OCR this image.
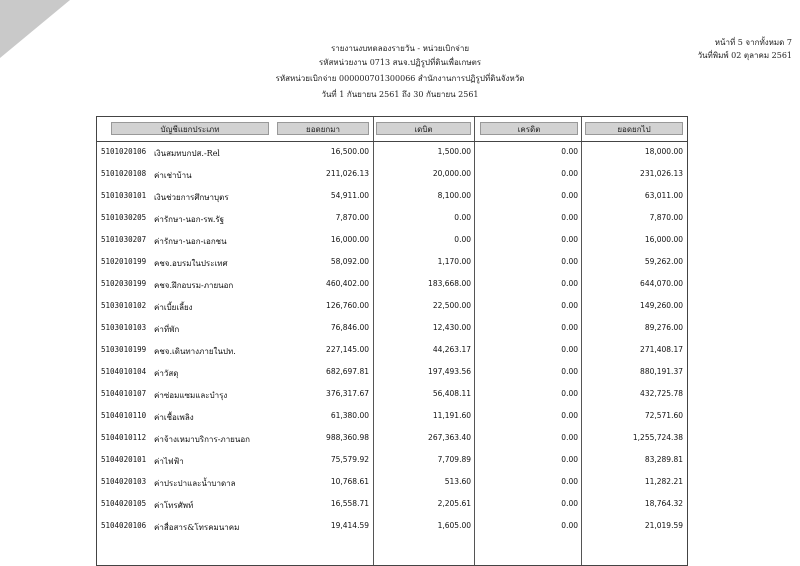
รายงานงบทดลองรายวัน - หน่วยเบิกจ่าย
รหัสหน่วยงาน 0713 สนจ.ปฏิรูปที่ดินเพื่อเกษตร
รหัสหน่วยเบิกจ่าย 000000701300066 สำนักงานการปฏิรูปที่ดินจังหวัด
วันที่ 1 กันยายน 2561 ถึง 30 กันยายน 2561
หน้าที่ 5 จากทั้งหมด 7
วันที่พิมพ์ 02 ตุลาคม 2561
บัญชีแยกประเภท	ยอดยกมา	เดบิต	เครดิต	ยอดยกไป
5101020106 เงินสมทบกปส.-Rel	16,500.00	1,500.00	0.00	18,000.00
5101020108 ค่าเช่าบ้าน	211,026.13	20,000.00	0.00	231,026.13
5101030101 เงินช่วยการศึกษาบุตร	54,911.00	8,100.00	0.00	63,011.00
5101030205 ค่ารักษา-นอก-รพ.รัฐ	7,870.00	0.00	0.00	7,870.00
5101030207 ค่ารักษา-นอก-เอกชน	16,000.00	0.00	0.00	16,000.00
5102010199 คชจ.อบรมในประเทศ	58,092.00	1,170.00	0.00	59,262.00
5102030199 คชจ.ฝึกอบรม-ภายนอก	460,402.00	183,668.00	0.00	644,070.00
5103010102 ค่าเบี้ยเลี้ยง	126,760.00	22,500.00	0.00	149,260.00
5103010103 ค่าที่พัก	76,846.00	12,430.00	0.00	89,276.00
5103010199 คชจ.เดินทางภายในปท.	227,145.00	44,263.17	0.00	271,408.17
5104010104 ค่าวัสดุ	682,697.81	197,493.56	0.00	880,191.37
5104010107 ค่าซ่อมแซมและบำรุง	376,317.67	56,408.11	0.00	432,725.78
5104010110 ค่าเชื้อเพลิง	61,380.00	11,191.60	0.00	72,571.60
5104010112 ค่าจ้างเหมาบริการ-ภายนอก	988,360.98	267,363.40	0.00	1,255,724.38
5104020101 ค่าไฟฟ้า	75,579.92	7,709.89	0.00	83,289.81
5104020103 ค่าประปาและน้ำบาดาล	10,768.61	513.60	0.00	11,282.21
5104020105 ค่าโทรศัพท์	16,558.71	2,205.61	0.00	18,764.32
5104020106 ค่าสื่อสาร&โทรคมนาคม	19,414.59	1,605.00	0.00	21,019.59
